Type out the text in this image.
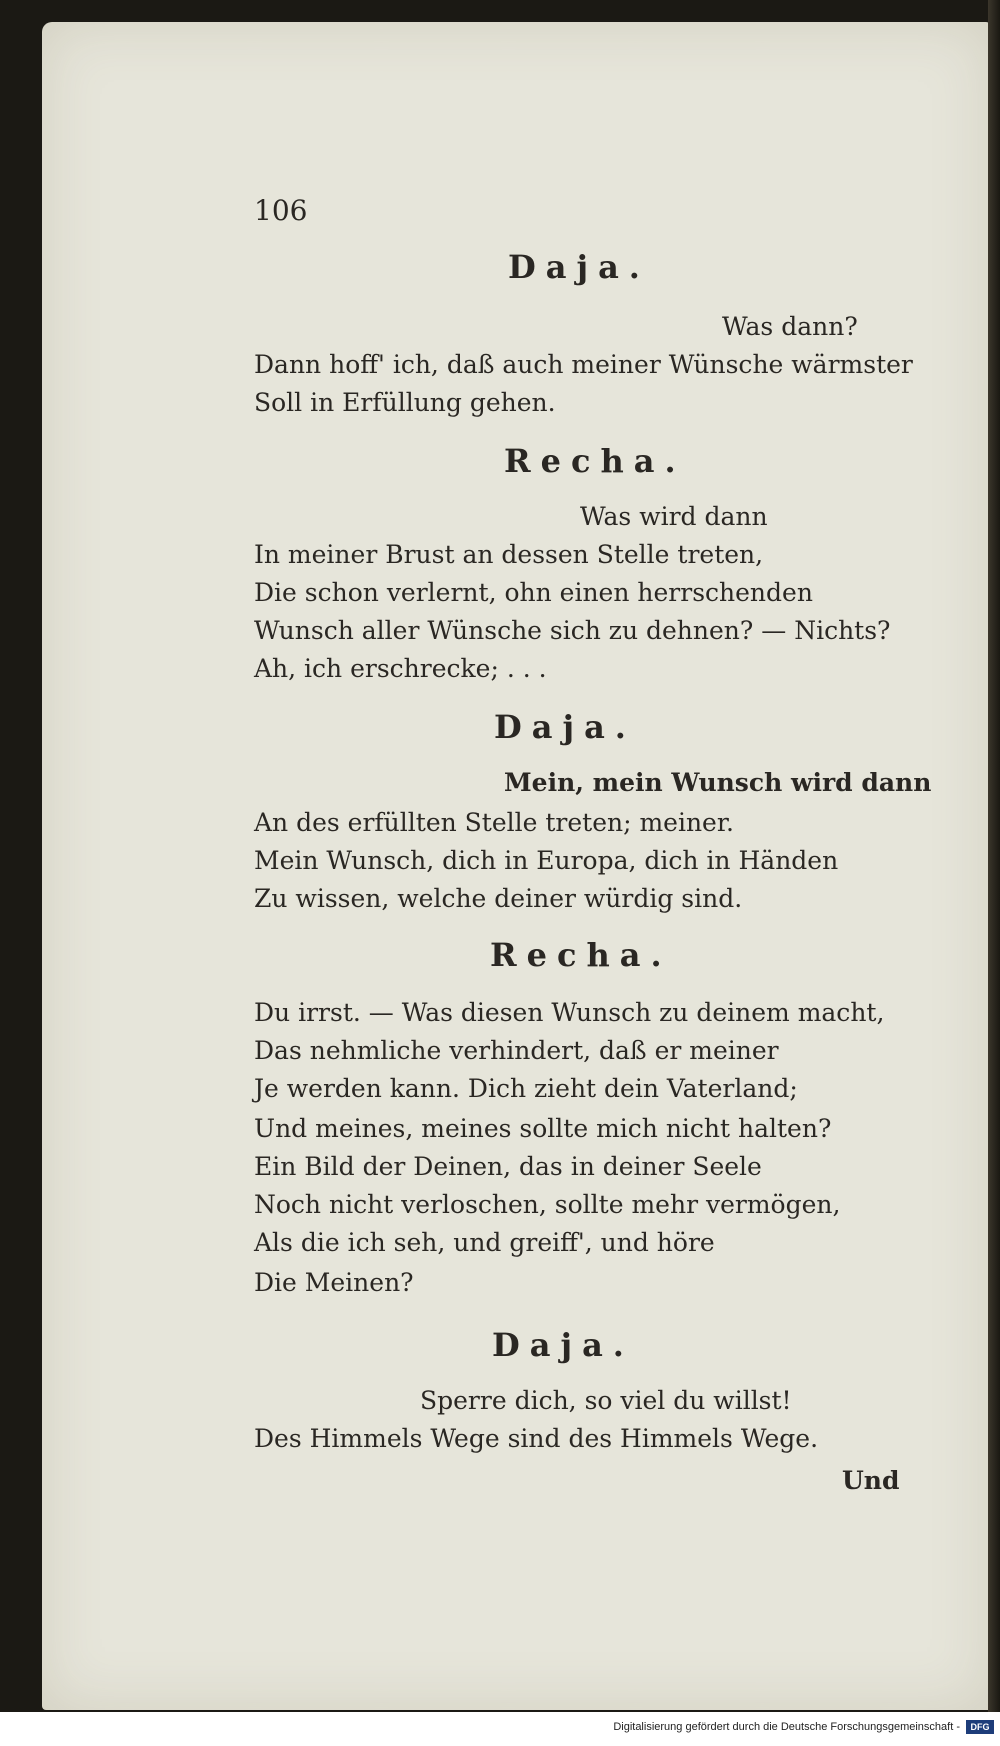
106
Daja.
Was dann?
Dann hoff' ich, daß auch meiner Wünsche wärmster
Soll in Erfüllung gehen.
Recha.
Was wird dann
In meiner Brust an dessen Stelle treten,
Die schon verlernt, ohn einen herrschenden
Wunsch aller Wünsche sich zu dehnen? — Nichts?
Ah, ich erschrecke; . . .
Daja.
Mein, mein Wunsch wird dann
An des erfüllten Stelle treten; meiner.
Mein Wunsch, dich in Europa, dich in Händen
Zu wissen, welche deiner würdig sind.
Recha.
Du irrst. — Was diesen Wunsch zu deinem macht,
Das nehmliche verhindert, daß er meiner
Je werden kann. Dich zieht dein Vaterland;
Und meines, meines sollte mich nicht halten?
Ein Bild der Deinen, das in deiner Seele
Noch nicht verloschen, sollte mehr vermögen,
Als die ich seh, und greiff', und höre
Die Meinen?
Daja.
Sperre dich, so viel du willst!
Des Himmels Wege sind des Himmels Wege.
Und
Digitalisierung gefördert durch die Deutsche Forschungsgemeinschaft -	DFG
